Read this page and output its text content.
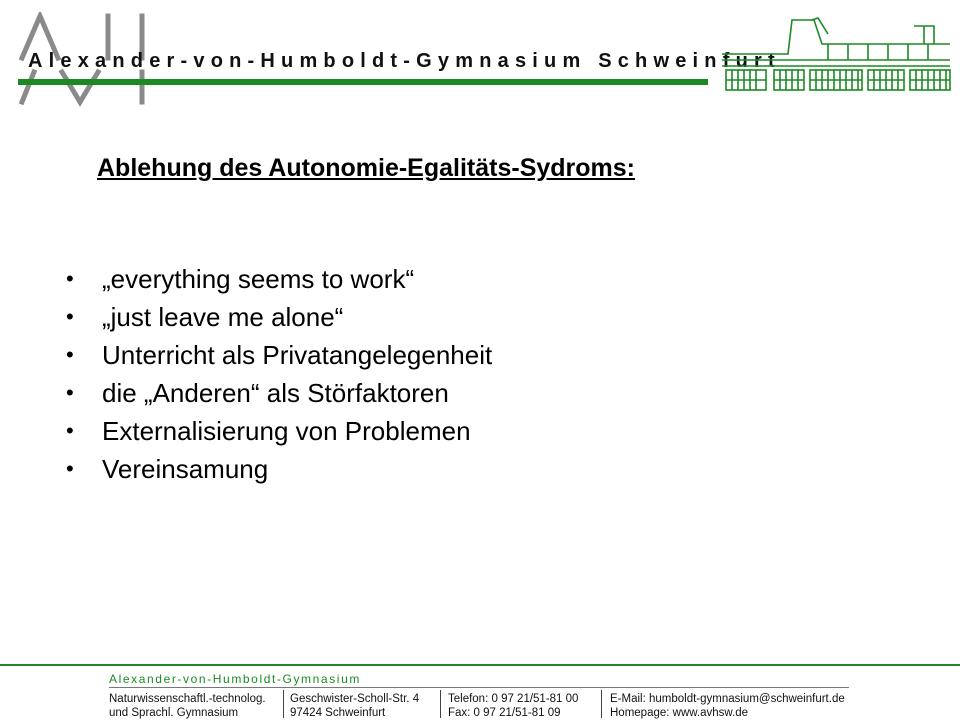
Alexander-von-Humboldt-Gymnasium Schweinfurt
Ablehung des Autonomie-Egalitäts-Sydroms:
• „everything seems to work“
• „just leave me alone“
• Unterricht als Privatangelegenheit
• die „Anderen“ als Störfaktoren
• Externalisierung von Problemen
• Vereinsamung
Alexander-von-Humboldt-Gymnasium
Naturwissenschaftl.-technolog.
und Sprachl. Gymnasium
Geschwister-Scholl-Str. 4
97424 Schweinfurt
Telefon: 0 97 21/51-81 00
Fax: 0 97 21/51-81 09
E-Mail: humboldt-gymnasium@schweinfurt.de
Homepage: www.avhsw.de
